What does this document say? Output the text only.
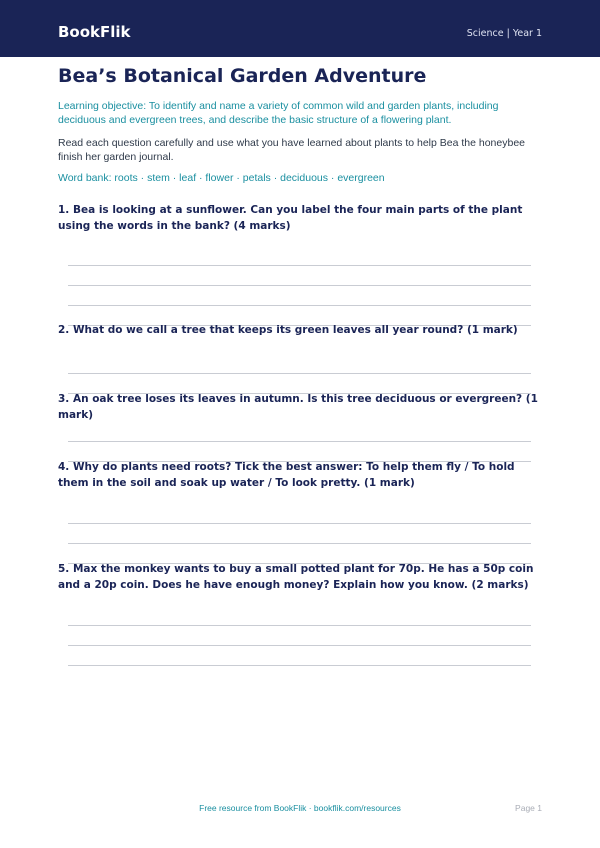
BookFlik	Science | Year 1
Bea’s Botanical Garden Adventure

Learning objective: To identify and name a variety of common wild and garden plants, including deciduous and evergreen trees, and describe the basic structure of a flowering plant.

Read each question carefully and use what you have learned about plants to help Bea the honeybee finish her garden journal.

Word bank: roots · stem · leaf · flower · petals · deciduous · evergreen

1. Bea is looking at a sunflower. Can you label the four main parts of the plant using the words in the bank? (4 marks)

2. What do we call a tree that keeps its green leaves all year round? (1 mark)

3. An oak tree loses its leaves in autumn. Is this tree deciduous or evergreen? (1 mark)

4. Why do plants need roots? Tick the best answer: To help them fly / To hold them in the soil and soak up water / To look pretty. (1 mark)

5. Max the monkey wants to buy a small potted plant for 70p. He has a 50p coin and a 20p coin. Does he have enough money? Explain how you know. (2 marks)

Free resource from BookFlik · bookflik.com/resources	Page 1
